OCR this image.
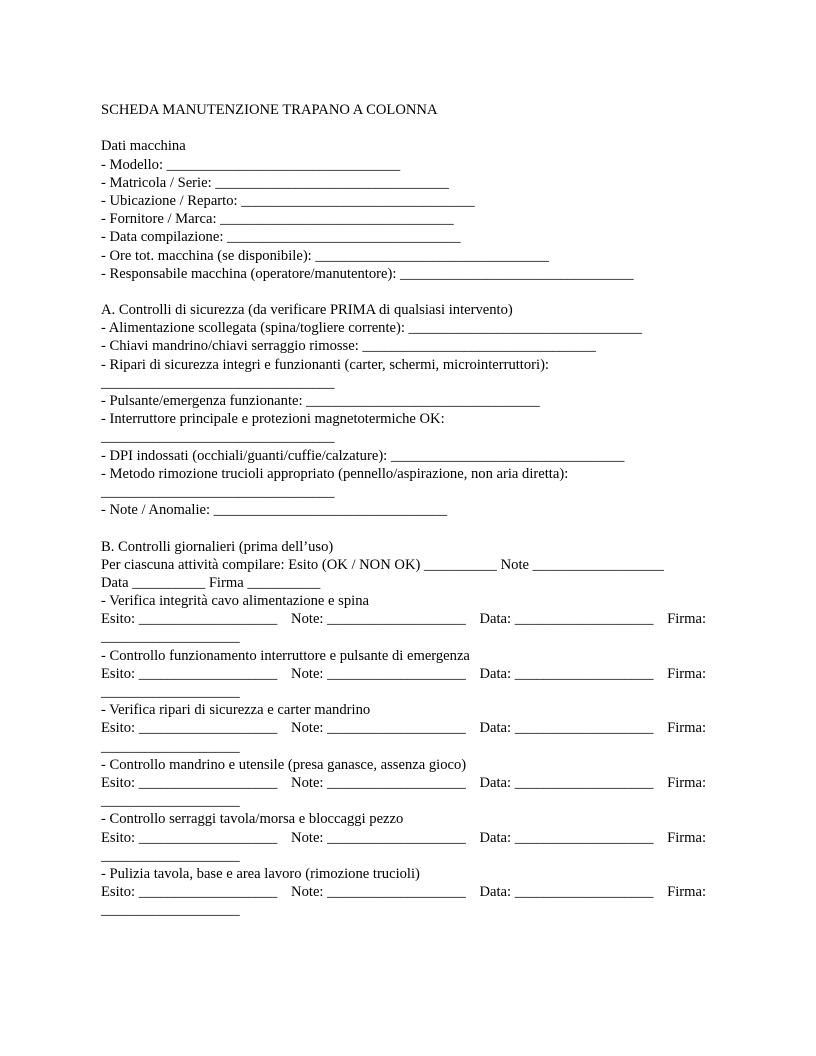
SCHEDA MANUTENZIONE TRAPANO A COLONNA
Dati macchina
- Modello: ________________________________
- Matricola / Serie: ________________________________
- Ubicazione / Reparto: ________________________________
- Fornitore / Marca: ________________________________
- Data compilazione: ________________________________
- Ore tot. macchina (se disponibile): ________________________________
- Responsabile macchina (operatore/manutentore): ________________________________
A. Controlli di sicurezza (da verificare PRIMA di qualsiasi intervento)
- Alimentazione scollegata (spina/togliere corrente): ________________________________
- Chiavi mandrino/chiavi serraggio rimosse: ________________________________
- Ripari di sicurezza integri e funzionanti (carter, schermi, microinterruttori):
________________________________
- Pulsante/emergenza funzionante: ________________________________
- Interruttore principale e protezioni magnetotermiche OK:
________________________________
- DPI indossati (occhiali/guanti/cuffie/calzature): ________________________________
- Metodo rimozione trucioli appropriato (pennello/aspirazione, non aria diretta):
________________________________
- Note / Anomalie: ________________________________
B. Controlli giornalieri (prima dell’uso)
Per ciascuna attività compilare: Esito (OK / NON OK) __________ Note __________________
Data __________ Firma __________
- Verifica integrità cavo alimentazione e spina
Esito: ___________________ Note: ___________________ Data: ___________________ Firma:
___________________
- Controllo funzionamento interruttore e pulsante di emergenza
Esito: ___________________ Note: ___________________ Data: ___________________ Firma:
___________________
- Verifica ripari di sicurezza e carter mandrino
Esito: ___________________ Note: ___________________ Data: ___________________ Firma:
___________________
- Controllo mandrino e utensile (presa ganasce, assenza gioco)
Esito: ___________________ Note: ___________________ Data: ___________________ Firma:
___________________
- Controllo serraggi tavola/morsa e bloccaggi pezzo
Esito: ___________________ Note: ___________________ Data: ___________________ Firma:
___________________
- Pulizia tavola, base e area lavoro (rimozione trucioli)
Esito: ___________________ Note: ___________________ Data: ___________________ Firma:
___________________
